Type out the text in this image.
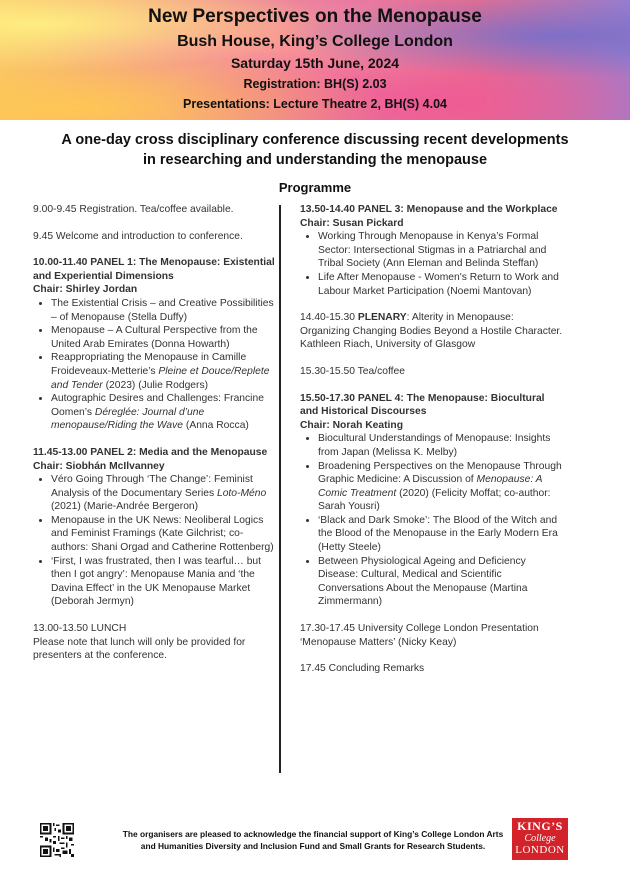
New Perspectives on the Menopause
Bush House, King’s College London
Saturday 15th June, 2024
Registration: BH(S) 2.03
Presentations: Lecture Theatre 2, BH(S) 4.04
A one-day cross disciplinary conference discussing recent developments
in researching and understanding the menopause
Programme
9.00-9.45 Registration. Tea/coffee available.
9.45 Welcome and introduction to conference.
10.00-11.40 PANEL 1: The Menopause: Existential and Experiential Dimensions
Chair: Shirley Jordan
• The Existential Crisis – and Creative Possibilities – of Menopause (Stella Duffy)
• Menopause – A Cultural Perspective from the United Arab Emirates (Donna Howarth)
• Reappropriating the Menopause in Camille Froideveaux-Metterie’s Pleine et Douce/Replete and Tender (2023) (Julie Rodgers)
• Autographic Desires and Challenges: Francine Oomen’s Déreglée: Journal d’une menopause/Riding the Wave (Anna Rocca)
11.45-13.00 PANEL 2: Media and the Menopause
Chair: Siobhán McIlvanney
• Véro Going Through ‘The Change’: Feminist Analysis of the Documentary Series Loto-Méno (2021) (Marie-Andrée Bergeron)
• Menopause in the UK News: Neoliberal Logics and Feminist Framings (Kate Gilchrist; co-authors: Shani Orgad and Catherine Rottenberg)
• ‘First, I was frustrated, then I was tearful… but then I got angry’: Menopause Mania and ‘the Davina Effect’ in the UK Menopause Market (Deborah Jermyn)
13.00-13.50 LUNCH
Please note that lunch will only be provided for presenters at the conference.
13.50-14.40 PANEL 3: Menopause and the Workplace
Chair: Susan Pickard
• Working Through Menopause in Kenya’s Formal Sector: Intersectional Stigmas in a Patriarchal and Tribal Society (Ann Eleman and Belinda Steffan)
• Life After Menopause - Women's Return to Work and Labour Market Participation (Noemi Mantovan)
14.40-15.30 PLENARY: Alterity in Menopause: Organizing Changing Bodies Beyond a Hostile Character. Kathleen Riach, University of Glasgow
15.30-15.50 Tea/coffee
15.50-17.30 PANEL 4: The Menopause: Biocultural and Historical Discourses
Chair: Norah Keating
• Biocultural Understandings of Menopause: Insights from Japan (Melissa K. Melby)
• Broadening Perspectives on the Menopause Through Graphic Medicine: A Discussion of Menopause: A Comic Treatment (2020) (Felicity Moffat; co-author: Sarah Yousri)
• ‘Black and Dark Smoke’: The Blood of the Witch and the Blood of the Menopause in the Early Modern Era (Hetty Steele)
• Between Physiological Ageing and Deficiency Disease: Cultural, Medical and Scientific Conversations About the Menopause (Martina Zimmermann)
17.30-17.45 University College London Presentation ‘Menopause Matters’ (Nicky Keay)
17.45 Concluding Remarks
The organisers are pleased to acknowledge the financial support of King’s College London Arts and Humanities Diversity and Inclusion Fund and Small Grants for Research Students.
KING’S
College
LONDON
